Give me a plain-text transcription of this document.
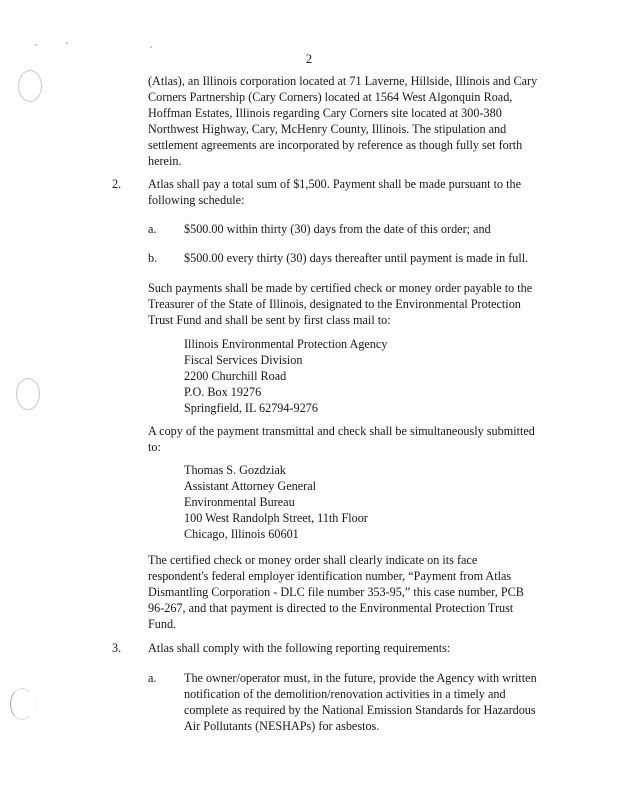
2
(Atlas), an Illinois corporation located at 71 Laverne, Hillside, Illinois and Cary
Corners Partnership (Cary Corners) located at 1564 West Algonquin Road,
Hoffman Estates, Illinois regarding Cary Corners site located at 300-380
Northwest Highway, Cary, McHenry County, Illinois. The stipulation and
settlement agreements are incorporated by reference as though fully set forth
herein.
2. Atlas shall pay a total sum of $1,500. Payment shall be made pursuant to the
following schedule:
a. $500.00 within thirty (30) days from the date of this order; and
b. $500.00 every thirty (30) days thereafter until payment is made in full.
Such payments shall be made by certified check or money order payable to the
Treasurer of the State of Illinois, designated to the Environmental Protection
Trust Fund and shall be sent by first class mail to:
Illinois Environmental Protection Agency
Fiscal Services Division
2200 Churchill Road
P.O. Box 19276
Springfield, IL 62794-9276
A copy of the payment transmittal and check shall be simultaneously submitted
to:
Thomas S. Gozdziak
Assistant Attorney General
Environmental Bureau
100 West Randolph Street, 11th Floor
Chicago, Illinois 60601
The certified check or money order shall clearly indicate on its face
respondent's federal employer identification number, “Payment from Atlas
Dismantling Corporation - DLC file number 353-95,” this case number, PCB
96-267, and that payment is directed to the Environmental Protection Trust
Fund.
3. Atlas shall comply with the following reporting requirements:
a. The owner/operator must, in the future, provide the Agency with written
notification of the demolition/renovation activities in a timely and
complete as required by the National Emission Standards for Hazardous
Air Pollutants (NESHAPs) for asbestos.
